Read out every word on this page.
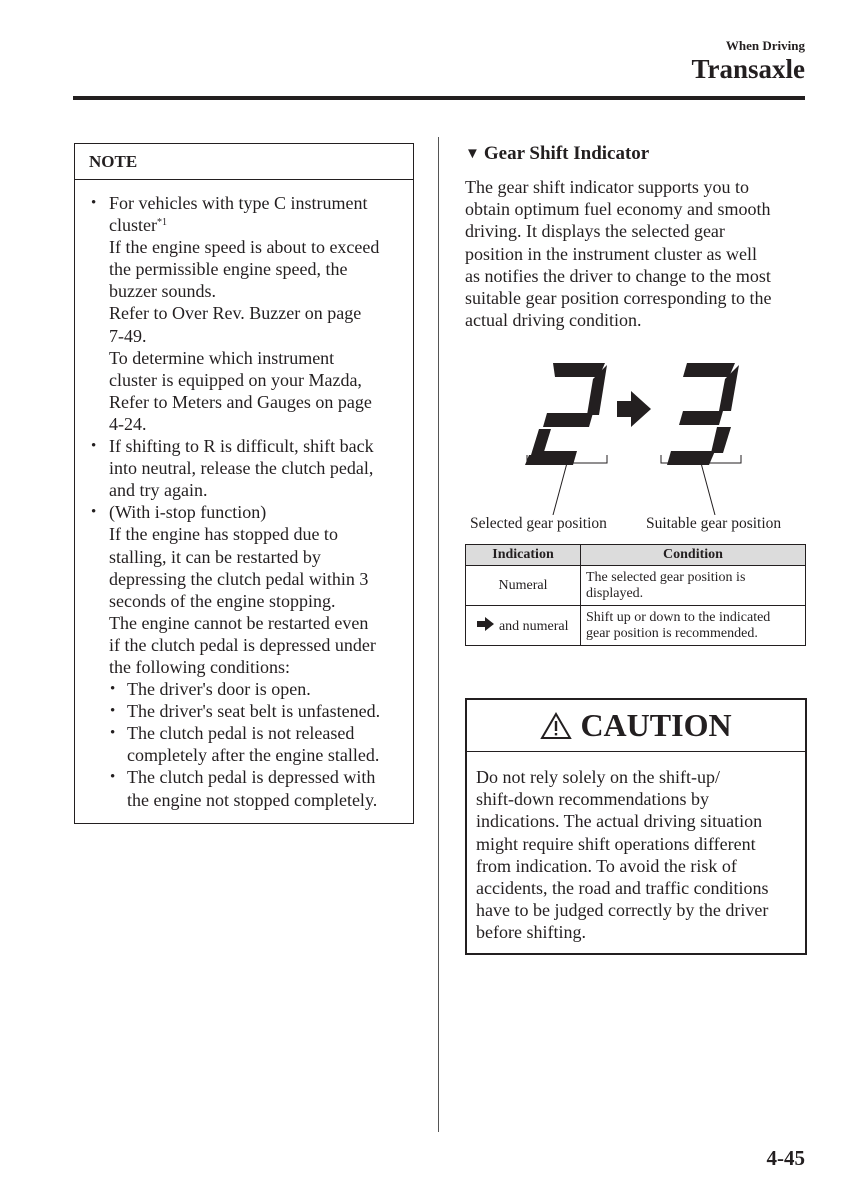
When Driving
Transaxle
NOTE
• For vehicles with type C instrument
cluster$^{*1}$
If the engine speed is about to exceed
the permissible engine speed, the
buzzer sounds.
Refer to Over Rev. Buzzer on page
7-49.
To determine which instrument
cluster is equipped on your Mazda,
Refer to Meters and Gauges on page
4-24.
• If shifting to R is difficult, shift back
into neutral, release the clutch pedal,
and try again.
• (With i-stop function)
If the engine has stopped due to
stalling, it can be restarted by
depressing the clutch pedal within 3
seconds of the engine stopping.
The engine cannot be restarted even
if the clutch pedal is depressed under
the following conditions:
• The driver's door is open.
• The driver's seat belt is unfastened.
• The clutch pedal is not released
completely after the engine stalled.
• The clutch pedal is depressed with
the engine not stopped completely.
▼ Gear Shift Indicator
The gear shift indicator supports you to
obtain optimum fuel economy and smooth
driving. It displays the selected gear
position in the instrument cluster as well
as notifies the driver to change to the most
suitable gear position corresponding to the
actual driving condition.
Selected gear position	Suitable gear position
Indication	Condition
Numeral	The selected gear position is
displayed.

and numeral	Shift up or down to the indicated
gear position is recommended.
CAUTION
Do not rely solely on the shift-up/
shift-down recommendations by
indications. The actual driving situation
might require shift operations different
from indication. To avoid the risk of
accidents, the road and traffic conditions
have to be judged correctly by the driver
before shifting.
4-45
